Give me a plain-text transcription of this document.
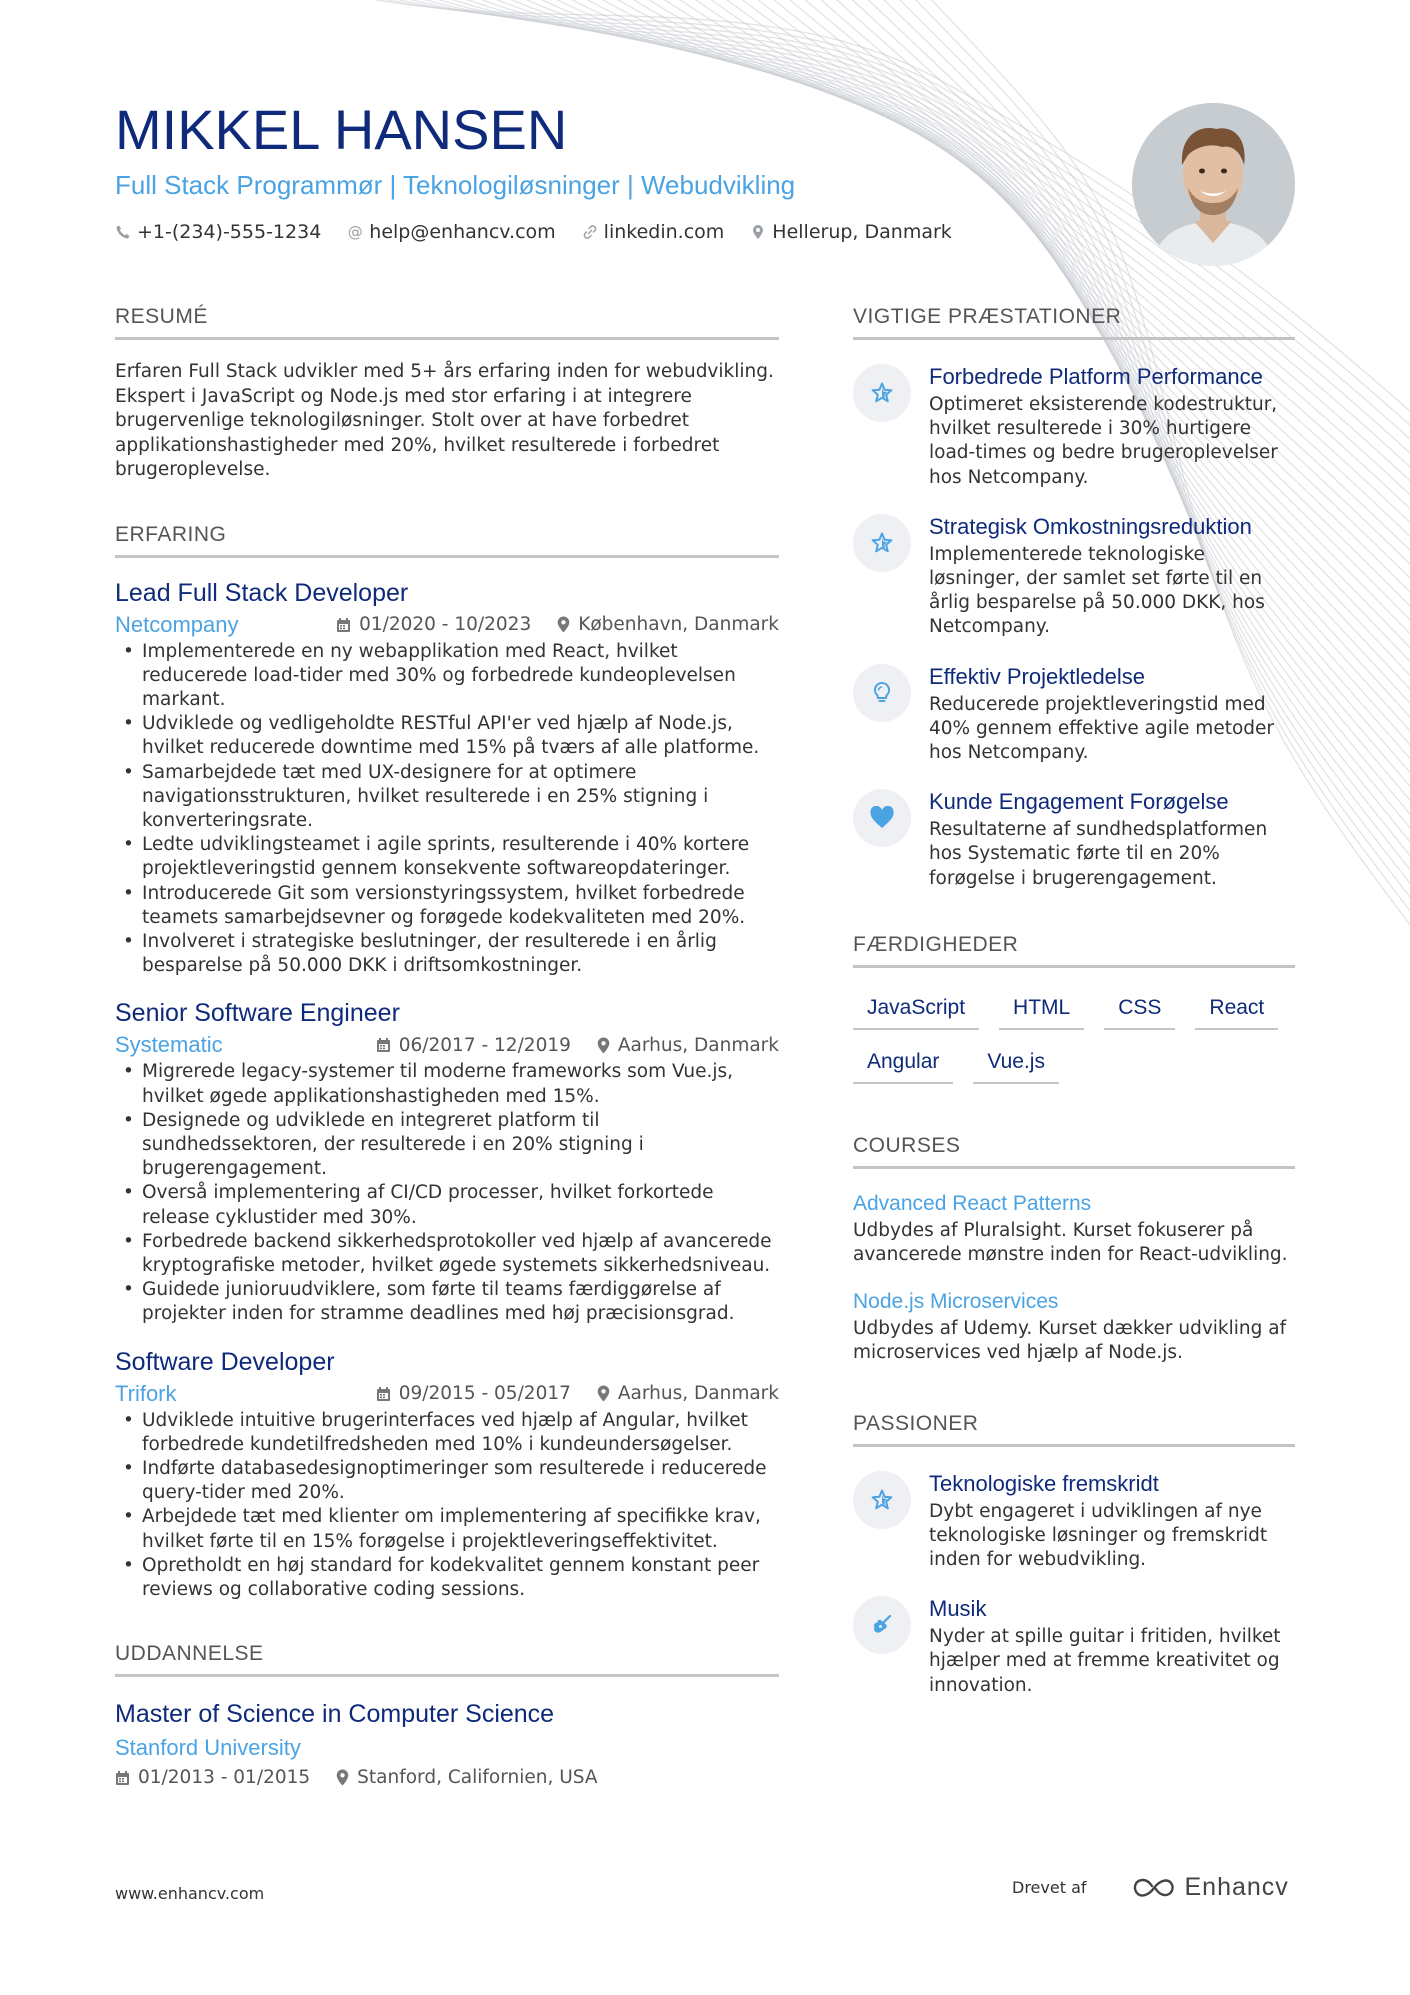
MIKKEL HANSEN
Full Stack Programmør | Teknologiløsninger | Webudvikling
+1-(234)-555-1234 @ help@enhancv.com	linkedin.com	Hellerup, Danmark
RESUMÉ
Erfaren Full Stack udvikler med 5+ års erfaring inden for webudvikling. Ekspert i JavaScript og Node.js med stor erfaring i at integrere brugervenlige teknologiløsninger. Stolt over at have forbedret applikationshastigheder med 20%, hvilket resulterede i forbedret brugeroplevelse.
ERFARING
Lead Full Stack Developer
Netcompany	01/2020 - 10/2023	København, Danmark
• Implementerede en ny webapplikation med React, hvilket reducerede load-tider med 30% og forbedrede kundeoplevelsen markant.
• Udviklede og vedligeholdte RESTful API'er ved hjælp af Node.js, hvilket reducerede downtime med 15% på tværs af alle platforme.
• Samarbejdede tæt med UX-designere for at optimere navigationsstrukturen, hvilket resulterede i en 25% stigning i konverteringsrate.
• Ledte udviklingsteamet i agile sprints, resulterende i 40% kortere projektleveringstid gennem konsekvente softwareopdateringer.
• Introducerede Git som versionstyringssystem, hvilket forbedrede teamets samarbejdsevner og forøgede kodekvaliteten med 20%.
• Involveret i strategiske beslutninger, der resulterede i en årlig besparelse på 50.000 DKK i driftsomkostninger.
Senior Software Engineer
Systematic	06/2017 - 12/2019	Aarhus, Danmark
• Migrerede legacy-systemer til moderne frameworks som Vue.js, hvilket øgede applikationshastigheden med 15%.
• Designede og udviklede en integreret platform til sundhedssektoren, der resulterede i en 20% stigning i brugerengagement.
• Overså implementering af CI/CD processer, hvilket forkortede release cyklustider med 30%.
• Forbedrede backend sikkerhedsprotokoller ved hjælp af avancerede kryptografiske metoder, hvilket øgede systemets sikkerhedsniveau.
• Guidede junioruudviklere, som førte til teams færdiggørelse af projekter inden for stramme deadlines med høj præcisionsgrad.
Software Developer
Trifork	09/2015 - 05/2017	Aarhus, Danmark
• Udviklede intuitive brugerinterfaces ved hjælp af Angular, hvilket forbedrede kundetilfredsheden med 10% i kundeundersøgelser.
• Indførte databasedesignoptimeringer som resulterede i reducerede query-tider med 20%.
• Arbejdede tæt med klienter om implementering af specifikke krav, hvilket førte til en 15% forøgelse i projektleveringseffektivitet.
• Opretholdt en høj standard for kodekvalitet gennem konstant peer reviews og collaborative coding sessions.
UDDANNELSE
Master of Science in Computer Science
Stanford University
01/2013 - 01/2015	Stanford, Californien, USA
VIGTIGE PRÆSTATIONER
Forbedrede Platform Performance
Optimeret eksisterende kodestruktur, hvilket resulterede i 30% hurtigere load-times og bedre brugeroplevelser hos Netcompany.
Strategisk Omkostningsreduktion
Implementerede teknologiske løsninger, der samlet set førte til en årlig besparelse på 50.000 DKK, hos Netcompany.
Effektiv Projektledelse
Reducerede projektleveringstid med 40% gennem effektive agile metoder hos Netcompany.
Kunde Engagement Forøgelse
Resultaterne af sundhedsplatformen hos Systematic førte til en 20% forøgelse i brugerengagement.
FÆRDIGHEDER
JavaScript	HTML	CSS	React
Angular	Vue.js
COURSES
Advanced React Patterns
Udbydes af Pluralsight. Kurset fokuserer på avancerede mønstre inden for React-udvikling.
Node.js Microservices
Udbydes af Udemy. Kurset dækker udvikling af microservices ved hjælp af Node.js.
PASSIONER
Teknologiske fremskridt
Dybt engageret i udviklingen af nye teknologiske løsninger og fremskridt inden for webudvikling.
Musik
Nyder at spille guitar i fritiden, hvilket hjælper med at fremme kreativitet og innovation.
www.enhancv.com	Drevet af	Enhancv
